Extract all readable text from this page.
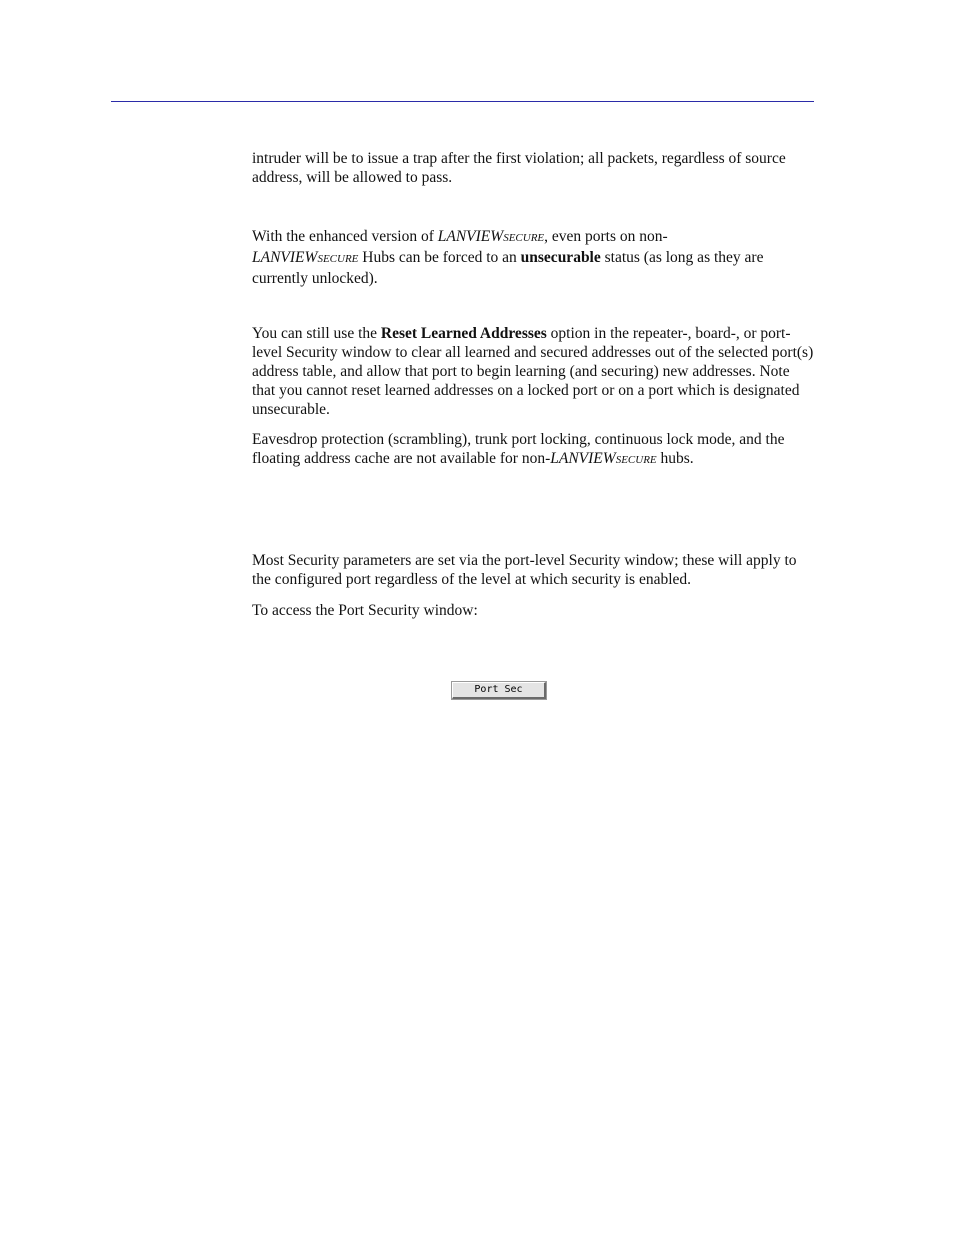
intruder will be to issue a trap after the first violation; all packets, regardless of source address, will be allowed to pass.

With the enhanced version of LANVIEWSECURE, even ports on non-
LANVIEWSECURE Hubs can be forced to an unsecurable status (as long as they are currently unlocked).

You can still use the Reset Learned Addresses option in the repeater-, board-, or port-level Security window to clear all learned and secured addresses out of the selected port(s) address table, and allow that port to begin learning (and securing) new addresses. Note that you cannot reset learned addresses on a locked port or on a port which is designated unsecurable.

Eavesdrop protection (scrambling), trunk port locking, continuous lock mode, and the floating address cache are not available for non-LANVIEWSECURE hubs.

Most Security parameters are set via the port-level Security window; these will apply to the configured port regardless of the level at which security is enabled.

To access the Port Security window:

Port Sec
